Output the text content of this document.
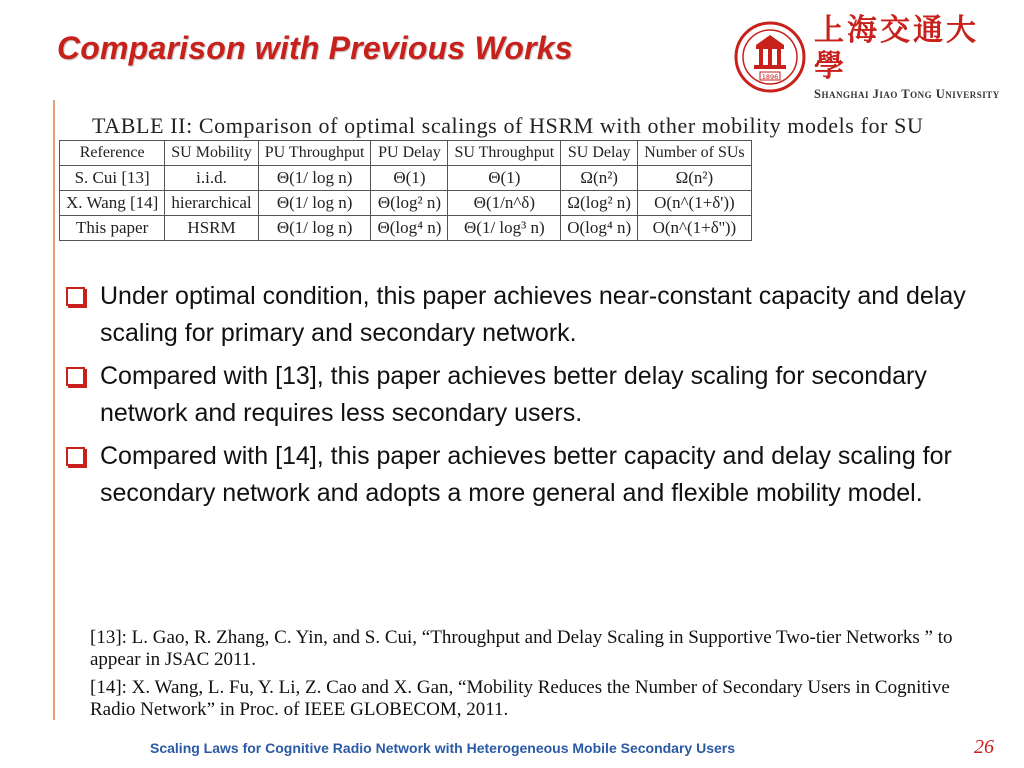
Comparison with Previous Works
1896
上海交通大學
Shanghai Jiao Tong University
TABLE II: Comparison of optimal scalings of HSRM with other mobility models for SU
Reference	SU Mobility	PU Throughput	PU Delay	SU Throughput	SU Delay	Number of SUs
S. Cui [13]	i.i.d.	Θ(1/ log n)	Θ(1)	Θ(1)	Ω(n²)	Ω(n²)
X. Wang [14]	hierarchical	Θ(1/ log n)	Θ(log² n)	Θ(1/n^δ)	Ω(log² n)	O(n^(1+δ'))
This paper	HSRM	Θ(1/ log n)	Θ(log⁴ n)	Θ(1/ log³ n)	O(log⁴ n)	O(n^(1+δ''))
Under optimal condition, this paper achieves near-constant capacity and delay scaling for primary and secondary network.
Compared with [13], this paper achieves better delay scaling for secondary network and requires less secondary users.
Compared with [14], this paper achieves better capacity and delay scaling for secondary network and adopts a more general and flexible mobility model.
[13]: L. Gao, R. Zhang, C. Yin, and S. Cui, “Throughput and Delay Scaling in Supportive Two-tier Networks ” to appear in JSAC 2011.
[14]: X. Wang, L. Fu, Y. Li, Z. Cao and X. Gan, “Mobility Reduces the Number of Secondary Users in Cognitive Radio Network” in Proc. of IEEE GLOBECOM, 2011.
Scaling Laws for Cognitive Radio Network with Heterogeneous Mobile Secondary Users	26
